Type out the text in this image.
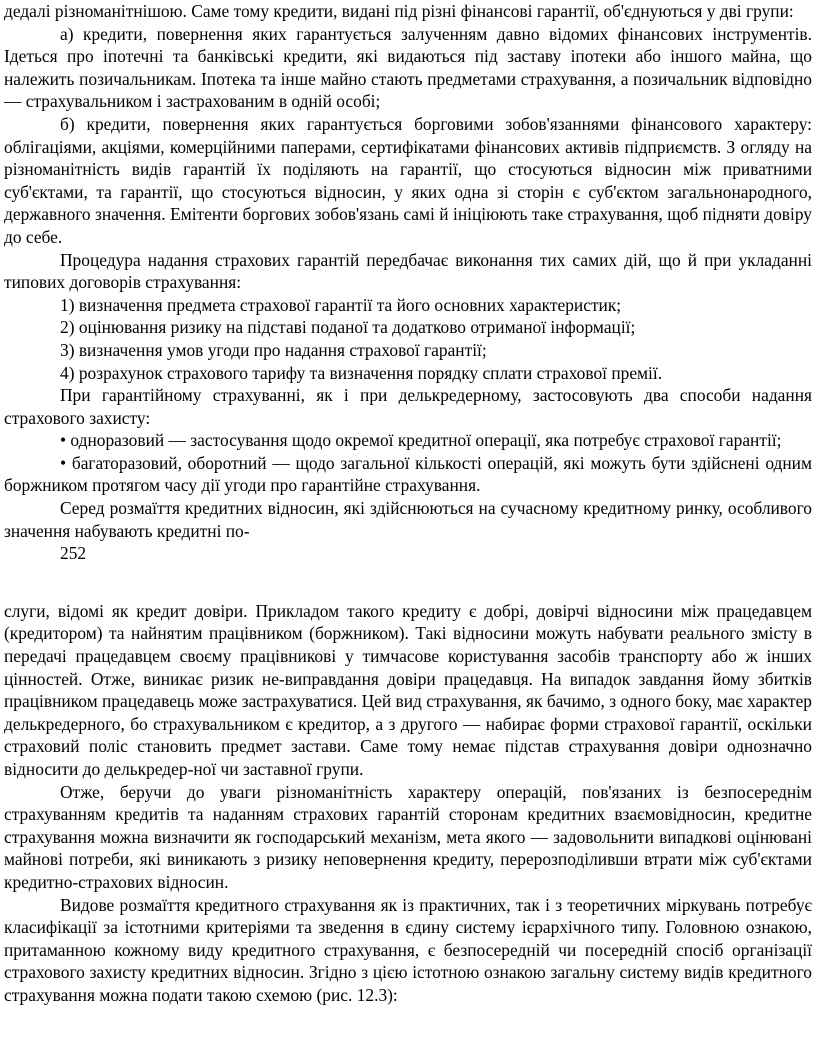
дедалі різноманітнішою. Саме тому кредити, видані під різні фінансові гарантії, об'єднуються у дві групи:

а) кредити, повернення яких гарантується залученням давно відомих фінансових інструментів. Ідеться про іпотечні та банківські кредити, які видаються під заставу іпотеки або іншого майна, що належить позичальникам. Іпотека та інше майно стають предметами страхування, а позичальник відповідно — страхувальником і застрахованим в одній особі;

б) кредити, повернення яких гарантується борговими зобов'язаннями фінансового характеру: облігаціями, акціями, комерційними паперами, сертифікатами фінансових активів підприємств. З огляду на різноманітність видів гарантій їх поділяють на гарантії, що стосуються відносин між приватними суб'єктами, та гарантії, що стосуються відносин, у яких одна зі сторін є суб'єктом загальнонародного, державного значення. Емітенти боргових зобов'язань самі й ініціюють таке страхування, щоб підняти довіру до себе.

Процедура надання страхових гарантій передбачає виконання тих самих дій, що й при укладанні типових договорів страхування:

1) визначення предмета страхової гарантії та його основних характеристик;

2) оцінювання ризику на підставі поданої та додатково отриманої інформації;

3) визначення умов угоди про надання страхової гарантії;

4) розрахунок страхового тарифу та визначення порядку сплати страхової премії.

При гарантійному страхуванні, як і при делькредерному, застосовують два способи надання страхового захисту:

• одноразовий — застосування щодо окремої кредитної операції, яка потребує страхової гарантії;

• багаторазовий, оборотний — щодо загальної кількості операцій, які можуть бути здійснені одним боржником протягом часу дії угоди про гарантійне страхування.

Серед розмаїття кредитних відносин, які здійснюються на сучасному кредитному ринку, особливого значення набувають кредитні по-

252

слуги, відомі як кредит довіри. Прикладом такого кредиту є добрі, довірчі відносини між працедавцем (кредитором) та найнятим працівником (боржником). Такі відносини можуть набувати реального змісту в передачі працедавцем своєму працівникові у тимчасове користування засобів транспорту або ж інших цінностей. Отже, виникає ризик не-виправдання довіри працедавця. На випадок завдання йому збитків працівником працедавець може застрахуватися. Цей вид страхування, як бачимо, з одного боку, має характер делькредерного, бо страхувальником є кредитор, а з другого — набирає форми страхової гарантії, оскільки страховий поліс становить предмет застави. Саме тому немає підстав страхування довіри однозначно відносити до делькредер-ної чи заставної групи.

Отже, беручи до уваги різноманітність характеру операцій, пов'язаних із безпосереднім страхуванням кредитів та наданням страхових гарантій сторонам кредитних взаємовідносин, кредитне страхування можна визначити як господарський механізм, мета якого — задовольнити випадкові оцінювані майнові потреби, які виникають з ризику неповернення кредиту, перерозподіливши втрати між суб'єктами кредитно-страхових відносин.

Видове розмаїття кредитного страхування як із практичних, так і з теоретичних міркувань потребує класифікації за істотними критеріями та зведення в єдину систему ієрархічного типу. Головною ознакою, притаманною кожному виду кредитного страхування, є безпосередній чи посередній спосіб організації страхового захисту кредитних відносин. Згідно з цією істотною ознакою загальну систему видів кредитного страхування можна подати такою схемою (рис. 12.3):
